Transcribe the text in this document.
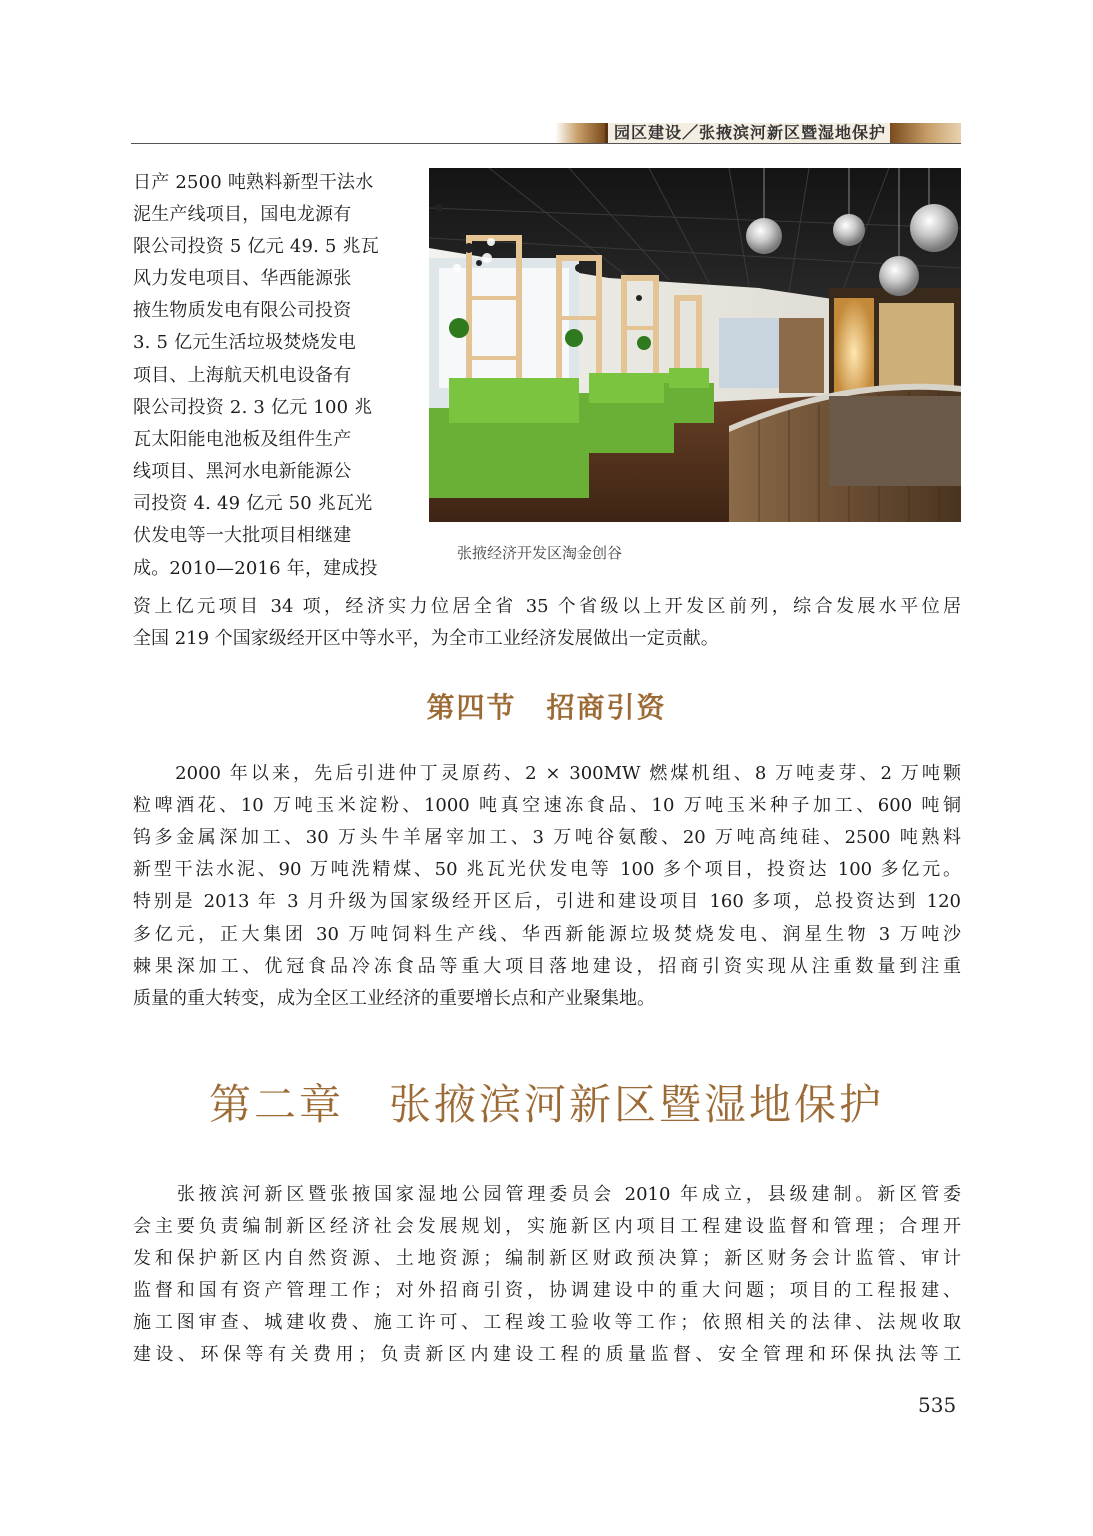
园区建设／张掖滨河新区暨湿地保护
日产 2500 吨熟料新型干法水
泥生产线项目，国电龙源有
限公司投资 5 亿元 49. 5 兆瓦
风力发电项目、华西能源张
掖生物质发电有限公司投资
3. 5 亿元生活垃圾焚烧发电
项目、上海航天机电设备有
限公司投资 2. 3 亿元 100 兆
瓦太阳能电池板及组件生产
线项目、黑河水电新能源公
司投资 4. 49 亿元 50 兆瓦光
伏发电等一大批项目相继建
成。2010—2016 年，建成投
张掖经济开发区淘金创谷
资上亿元项目 34 项，经济实力位居全省 35 个省级以上开发区前列，综合发展水平位居
全国 219 个国家级经开区中等水平，为全市工业经济发展做出一定贡献。
第四节　招商引资
　　2000 年以来，先后引进仲丁灵原药、2 × 300MW 燃煤机组、8 万吨麦芽、2 万吨颗
粒啤酒花、10 万吨玉米淀粉、1000 吨真空速冻食品、10 万吨玉米种子加工、600 吨铜
钨多金属深加工、30 万头牛羊屠宰加工、3 万吨谷氨酸、20 万吨高纯硅、2500 吨熟料
新型干法水泥、90 万吨洗精煤、50 兆瓦光伏发电等 100 多个项目，投资达 100 多亿元。
特别是 2013 年 3 月升级为国家级经开区后，引进和建设项目 160 多项，总投资达到 120
多亿元，正大集团 30 万吨饲料生产线、华西新能源垃圾焚烧发电、润星生物 3 万吨沙
棘果深加工、优冠食品冷冻食品等重大项目落地建设，招商引资实现从注重数量到注重
质量的重大转变，成为全区工业经济的重要增长点和产业聚集地。
第二章　张掖滨河新区暨湿地保护
　　张掖滨河新区暨张掖国家湿地公园管理委员会 2010 年成立，县级建制。新区管委
会主要负责编制新区经济社会发展规划，实施新区内项目工程建设监督和管理；合理开
发和保护新区内自然资源、土地资源；编制新区财政预决算；新区财务会计监管、审计
监督和国有资产管理工作；对外招商引资，协调建设中的重大问题；项目的工程报建、
施工图审查、城建收费、施工许可、工程竣工验收等工作；依照相关的法律、法规收取
建设、环保等有关费用；负责新区内建设工程的质量监督、安全管理和环保执法等工
535
